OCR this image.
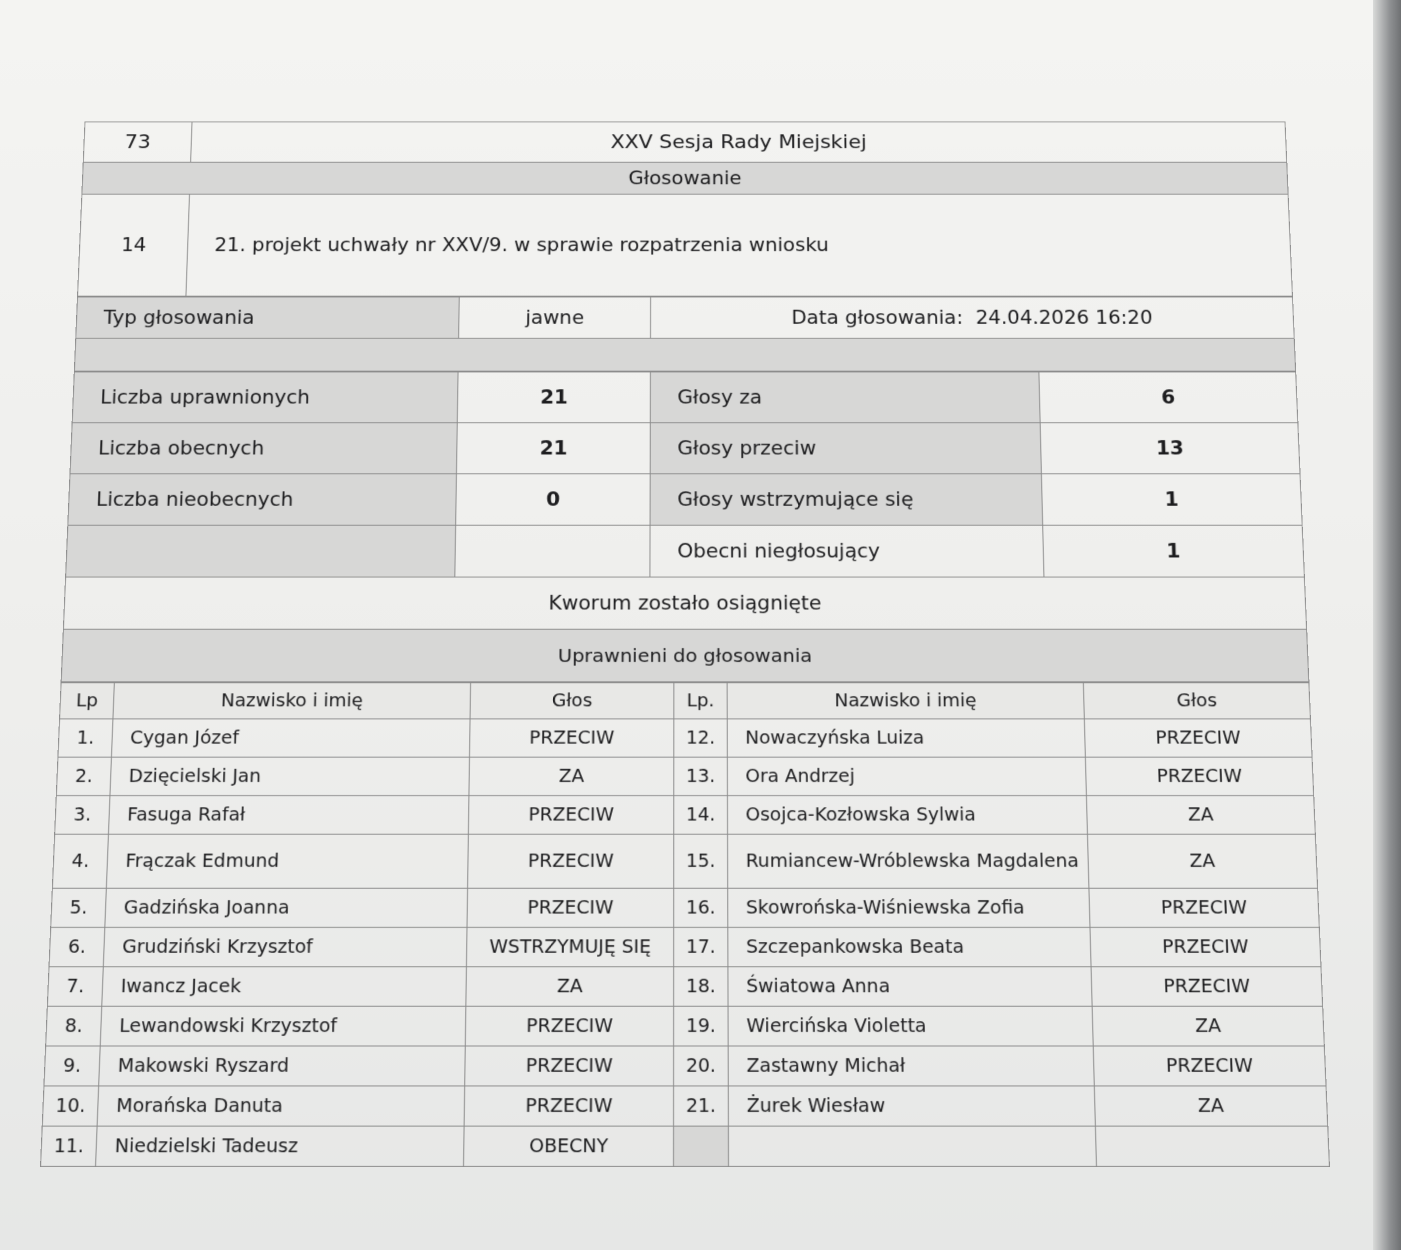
73	XXV Sesja Rady Miejskiej
Głosowanie	
14	21. projekt uchwały nr XXV/9. w sprawie rozpatrzenia wniosku
Typ głosowania	jawne	Data głosowania: 24.04.2026 16:20

Liczba uprawnionych	21	Głosy za	6
Liczba obecnych	21	Głosy przeciw	13
Liczba nieobecnych	0	Głosy wstrzymujące się	1
		Obecni niegłosujący	1
Kworum zostało osiągnięte			
Uprawnieni do głosowania			
Lp	Nazwisko i imię	Głos	Lp.	Nazwisko i imię	Głos
1.	Cygan Józef	PRZECIW	12.	Nowaczyńska Luiza	PRZECIW
2.	Dzięcielski Jan	ZA	13.	Ora Andrzej	PRZECIW
3.	Fasuga Rafał	PRZECIW	14.	Osojca-Kozłowska Sylwia	ZA
4.	Frączak Edmund	PRZECIW	15.	Rumiancew-Wróblewska Magdalena	ZA
5.	Gadzińska Joanna	PRZECIW	16.	Skowrońska-Wiśniewska Zofia	PRZECIW
6.	Grudziński Krzysztof	WSTRZYMUJĘ SIĘ	17.	Szczepankowska Beata	PRZECIW
7.	Iwancz Jacek	ZA	18.	Światowa Anna	PRZECIW
8.	Lewandowski Krzysztof	PRZECIW	19.	Wiercińska Violetta	ZA
9.	Makowski Ryszard	PRZECIW	20.	Zastawny Michał	PRZECIW
10.	Morańska Danuta	PRZECIW	21.	Żurek Wiesław	ZA
11.	Niedzielski Tadeusz	OBECNY			
